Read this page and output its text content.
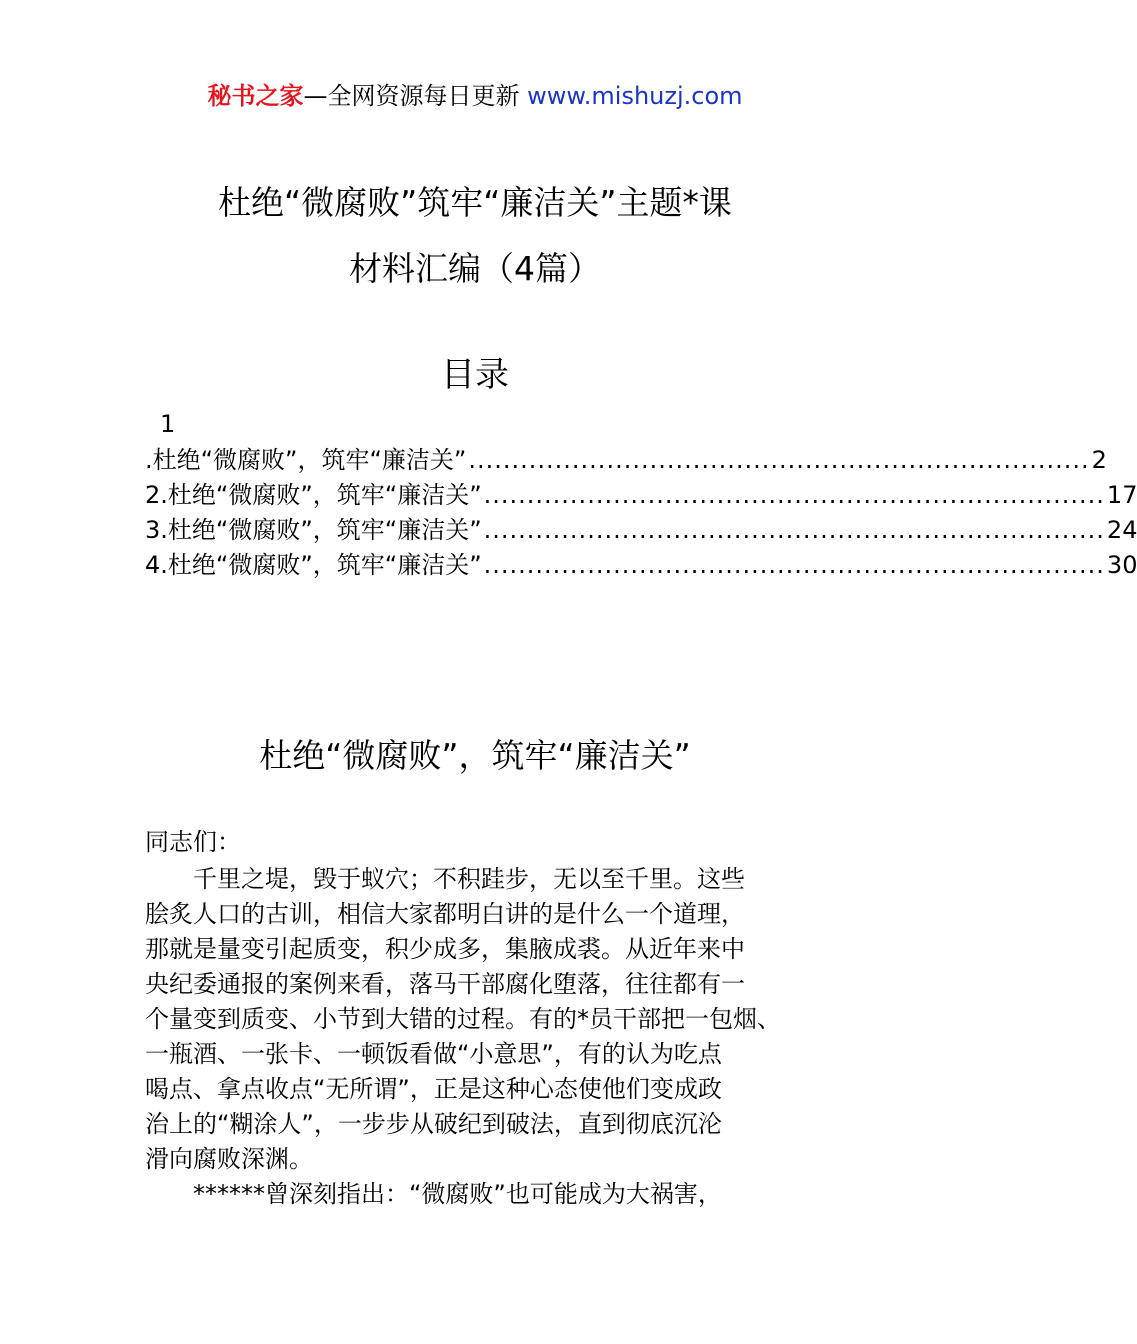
秘书之家—全网资源每日更新 www.mishuzj.com
杜绝“微腐败”筑牢“廉洁关”主题*课
材料汇编（4篇）
目录
1
.杜绝“微腐败”，筑牢“廉洁关” ........................................................................ 2
2. 杜绝“微腐败”，筑牢“廉洁关” ........................................................................ 17
3. 杜绝“微腐败”，筑牢“廉洁关” ........................................................................ 24
4. 杜绝“微腐败”，筑牢“廉洁关” ........................................................................ 30
杜绝“微腐败”，筑牢“廉洁关”
同志们：
　　千里之堤，毁于蚁穴；不积跬步，无以至千里。这些
脍炙人口的古训，相信大家都明白讲的是什么一个道理，
那就是量变引起质变，积少成多，集腋成裘。从近年来中
央纪委通报的案例来看，落马干部腐化堕落，往往都有一
个量变到质变、小节到大错的过程。有的*员干部把一包烟、
一瓶酒、一张卡、一顿饭看做“小意思”，有的认为吃点
喝点、拿点收点“无所谓”，正是这种心态使他们变成政
治上的“糊涂人”，一步步从破纪到破法，直到彻底沉沦
滑向腐败深渊。
　　******曾深刻指出：“微腐败”也可能成为大祸害，
